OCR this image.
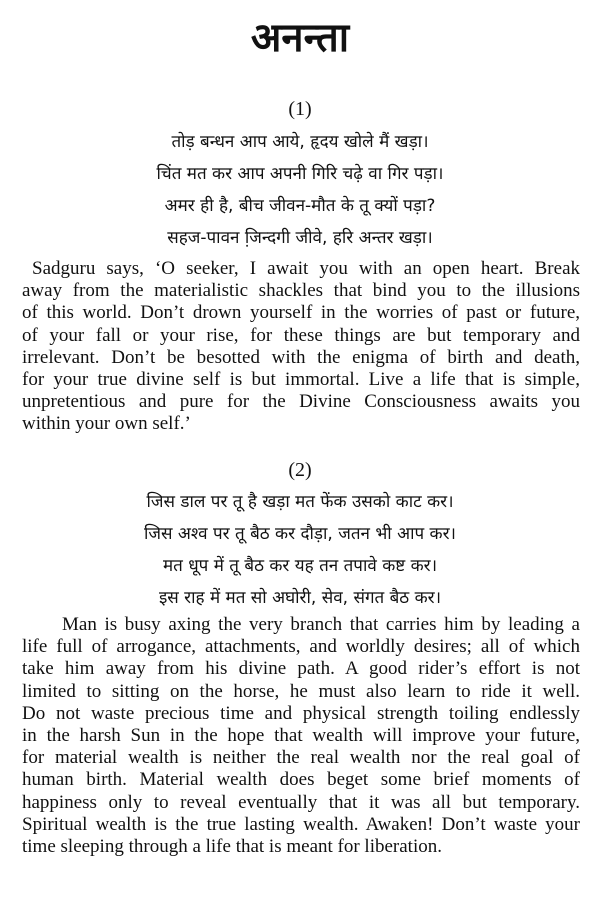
अनन्ता
(1)
तोड़ बन्धन आप आये, हृदय खोले मैं खड़ा।
चिंत मत कर आप अपनी गिरि चढ़े वा गिर पड़ा।
अमर ही है, बीच जीवन-मौत के तू क्यों पड़ा?
सहज-पावन जि़न्दगी जीवे, हरि अन्तर खड़ा।
Sadguru says, ‘O seeker, I await you with an open heart. Break
away from the materialistic shackles that bind you to the illusions
of this world. Don’t drown yourself in the worries of past or future,
of your fall or your rise, for these things are but temporary and
irrelevant. Don’t be besotted with the enigma of birth and death,
for your true divine self is but immortal. Live a life that is simple,
unpretentious and pure for the Divine Consciousness awaits you
within your own self.’
(2)
जिस डाल पर तू है खड़ा मत फेंक उसको काट कर।
जिस अश्व पर तू बैठ कर दौड़ा, जतन भी आप कर।
मत धूप में तू बैठ कर यह तन तपावे कष्ट कर।
इस राह में मत सो अघोरी, सेव, संगत बैठ कर।
Man is busy axing the very branch that carries him by leading a
life full of arrogance, attachments, and worldly desires; all of which
take him away from his divine path. A good rider’s effort is not
limited to sitting on the horse, he must also learn to ride it well.
Do not waste precious time and physical strength toiling endlessly
in the harsh Sun in the hope that wealth will improve your future,
for material wealth is neither the real wealth nor the real goal of
human birth. Material wealth does beget some brief moments of
happiness only to reveal eventually that it was all but temporary.
Spiritual wealth is the true lasting wealth. Awaken! Don’t waste your
time sleeping through a life that is meant for liberation.
